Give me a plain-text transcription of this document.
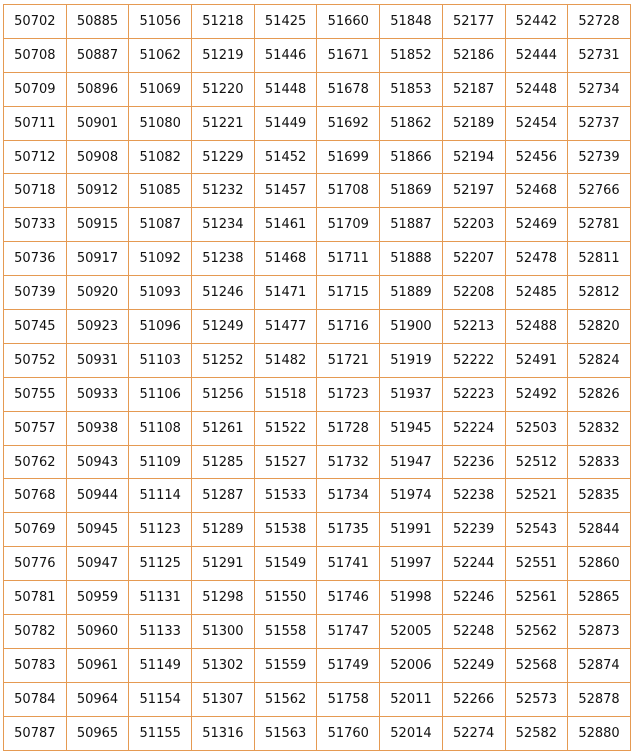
50702	50885	51056	51218	51425	51660	51848	52177	52442	52728
50708	50887	51062	51219	51446	51671	51852	52186	52444	52731
50709	50896	51069	51220	51448	51678	51853	52187	52448	52734
50711	50901	51080	51221	51449	51692	51862	52189	52454	52737
50712	50908	51082	51229	51452	51699	51866	52194	52456	52739
50718	50912	51085	51232	51457	51708	51869	52197	52468	52766
50733	50915	51087	51234	51461	51709	51887	52203	52469	52781
50736	50917	51092	51238	51468	51711	51888	52207	52478	52811
50739	50920	51093	51246	51471	51715	51889	52208	52485	52812
50745	50923	51096	51249	51477	51716	51900	52213	52488	52820
50752	50931	51103	51252	51482	51721	51919	52222	52491	52824
50755	50933	51106	51256	51518	51723	51937	52223	52492	52826
50757	50938	51108	51261	51522	51728	51945	52224	52503	52832
50762	50943	51109	51285	51527	51732	51947	52236	52512	52833
50768	50944	51114	51287	51533	51734	51974	52238	52521	52835
50769	50945	51123	51289	51538	51735	51991	52239	52543	52844
50776	50947	51125	51291	51549	51741	51997	52244	52551	52860
50781	50959	51131	51298	51550	51746	51998	52246	52561	52865
50782	50960	51133	51300	51558	51747	52005	52248	52562	52873
50783	50961	51149	51302	51559	51749	52006	52249	52568	52874
50784	50964	51154	51307	51562	51758	52011	52266	52573	52878
50787	50965	51155	51316	51563	51760	52014	52274	52582	52880
